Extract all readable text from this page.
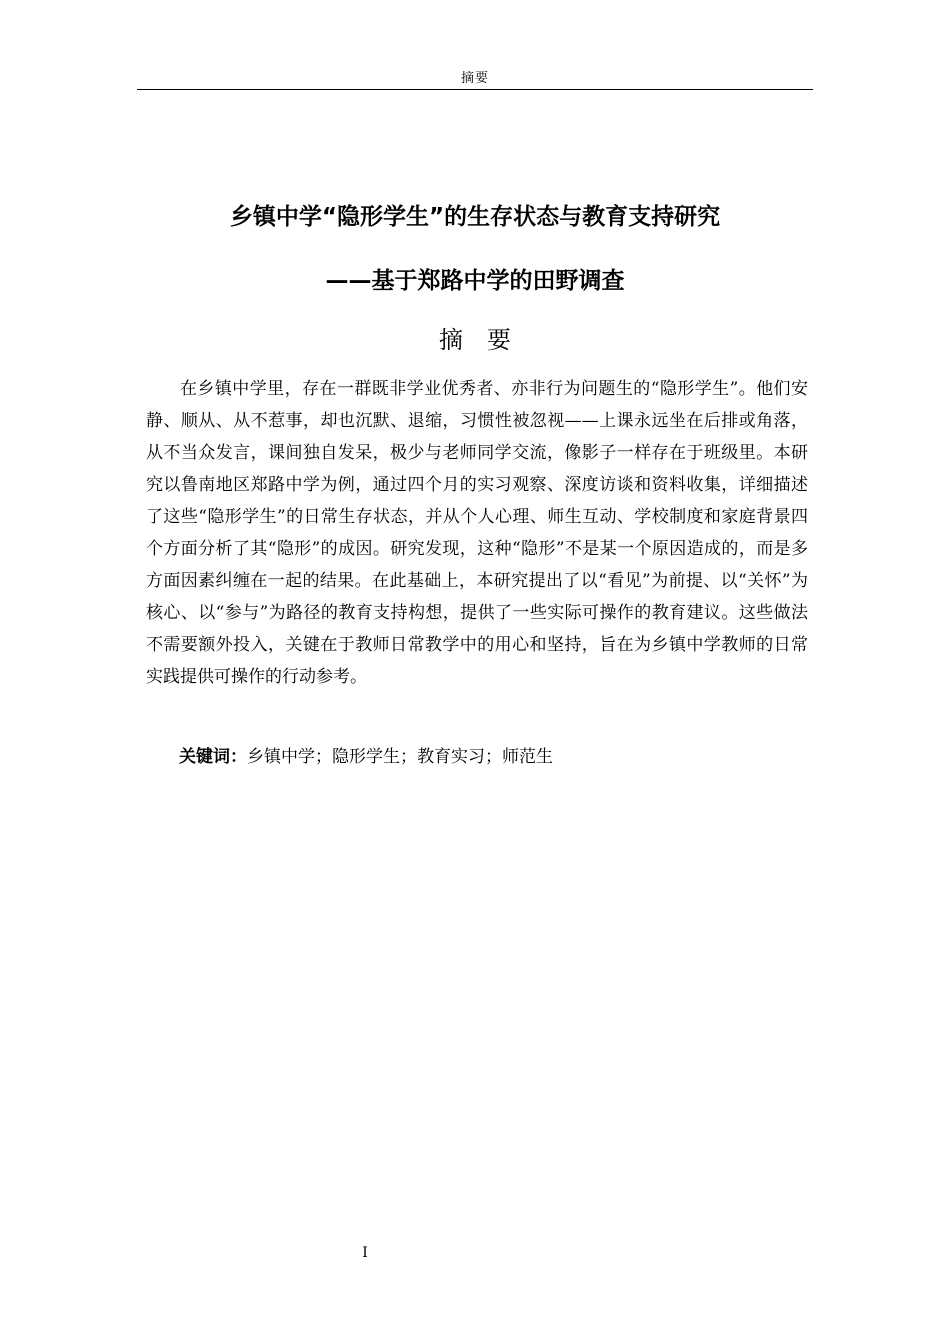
摘要
乡镇中学“隐形学生”的生存状态与教育支持研究
——基于郑路中学的田野调查
摘要

在乡镇中学里，存在一群既非学业优秀者、亦非行为问题生的“隐形学生”。他们安静、顺从、从不惹事，却也沉默、退缩，习惯性被忽视——上课永远坐在后排或角落，从不当众发言，课间独自发呆，极少与老师同学交流，像影子一样存在于班级里。本研究以鲁南地区郑路中学为例，通过四个月的实习观察、深度访谈和资料收集，详细描述了这些“隐形学生”的日常生存状态，并从个人心理、师生互动、学校制度和家庭背景四个方面分析了其“隐形”的成因。研究发现，这种“隐形”不是某一个原因造成的，而是多方面因素纠缠在一起的结果。在此基础上，本研究提出了以“看见”为前提、以“关怀”为核心、以“参与”为路径的教育支持构想，提供了一些实际可操作的教育建议。这些做法不需要额外投入，关键在于教师日常教学中的用心和坚持，旨在为乡镇中学教师的日常实践提供可操作的行动参考。

关键词：乡镇中学；隐形学生；教育实习；师范生
I
